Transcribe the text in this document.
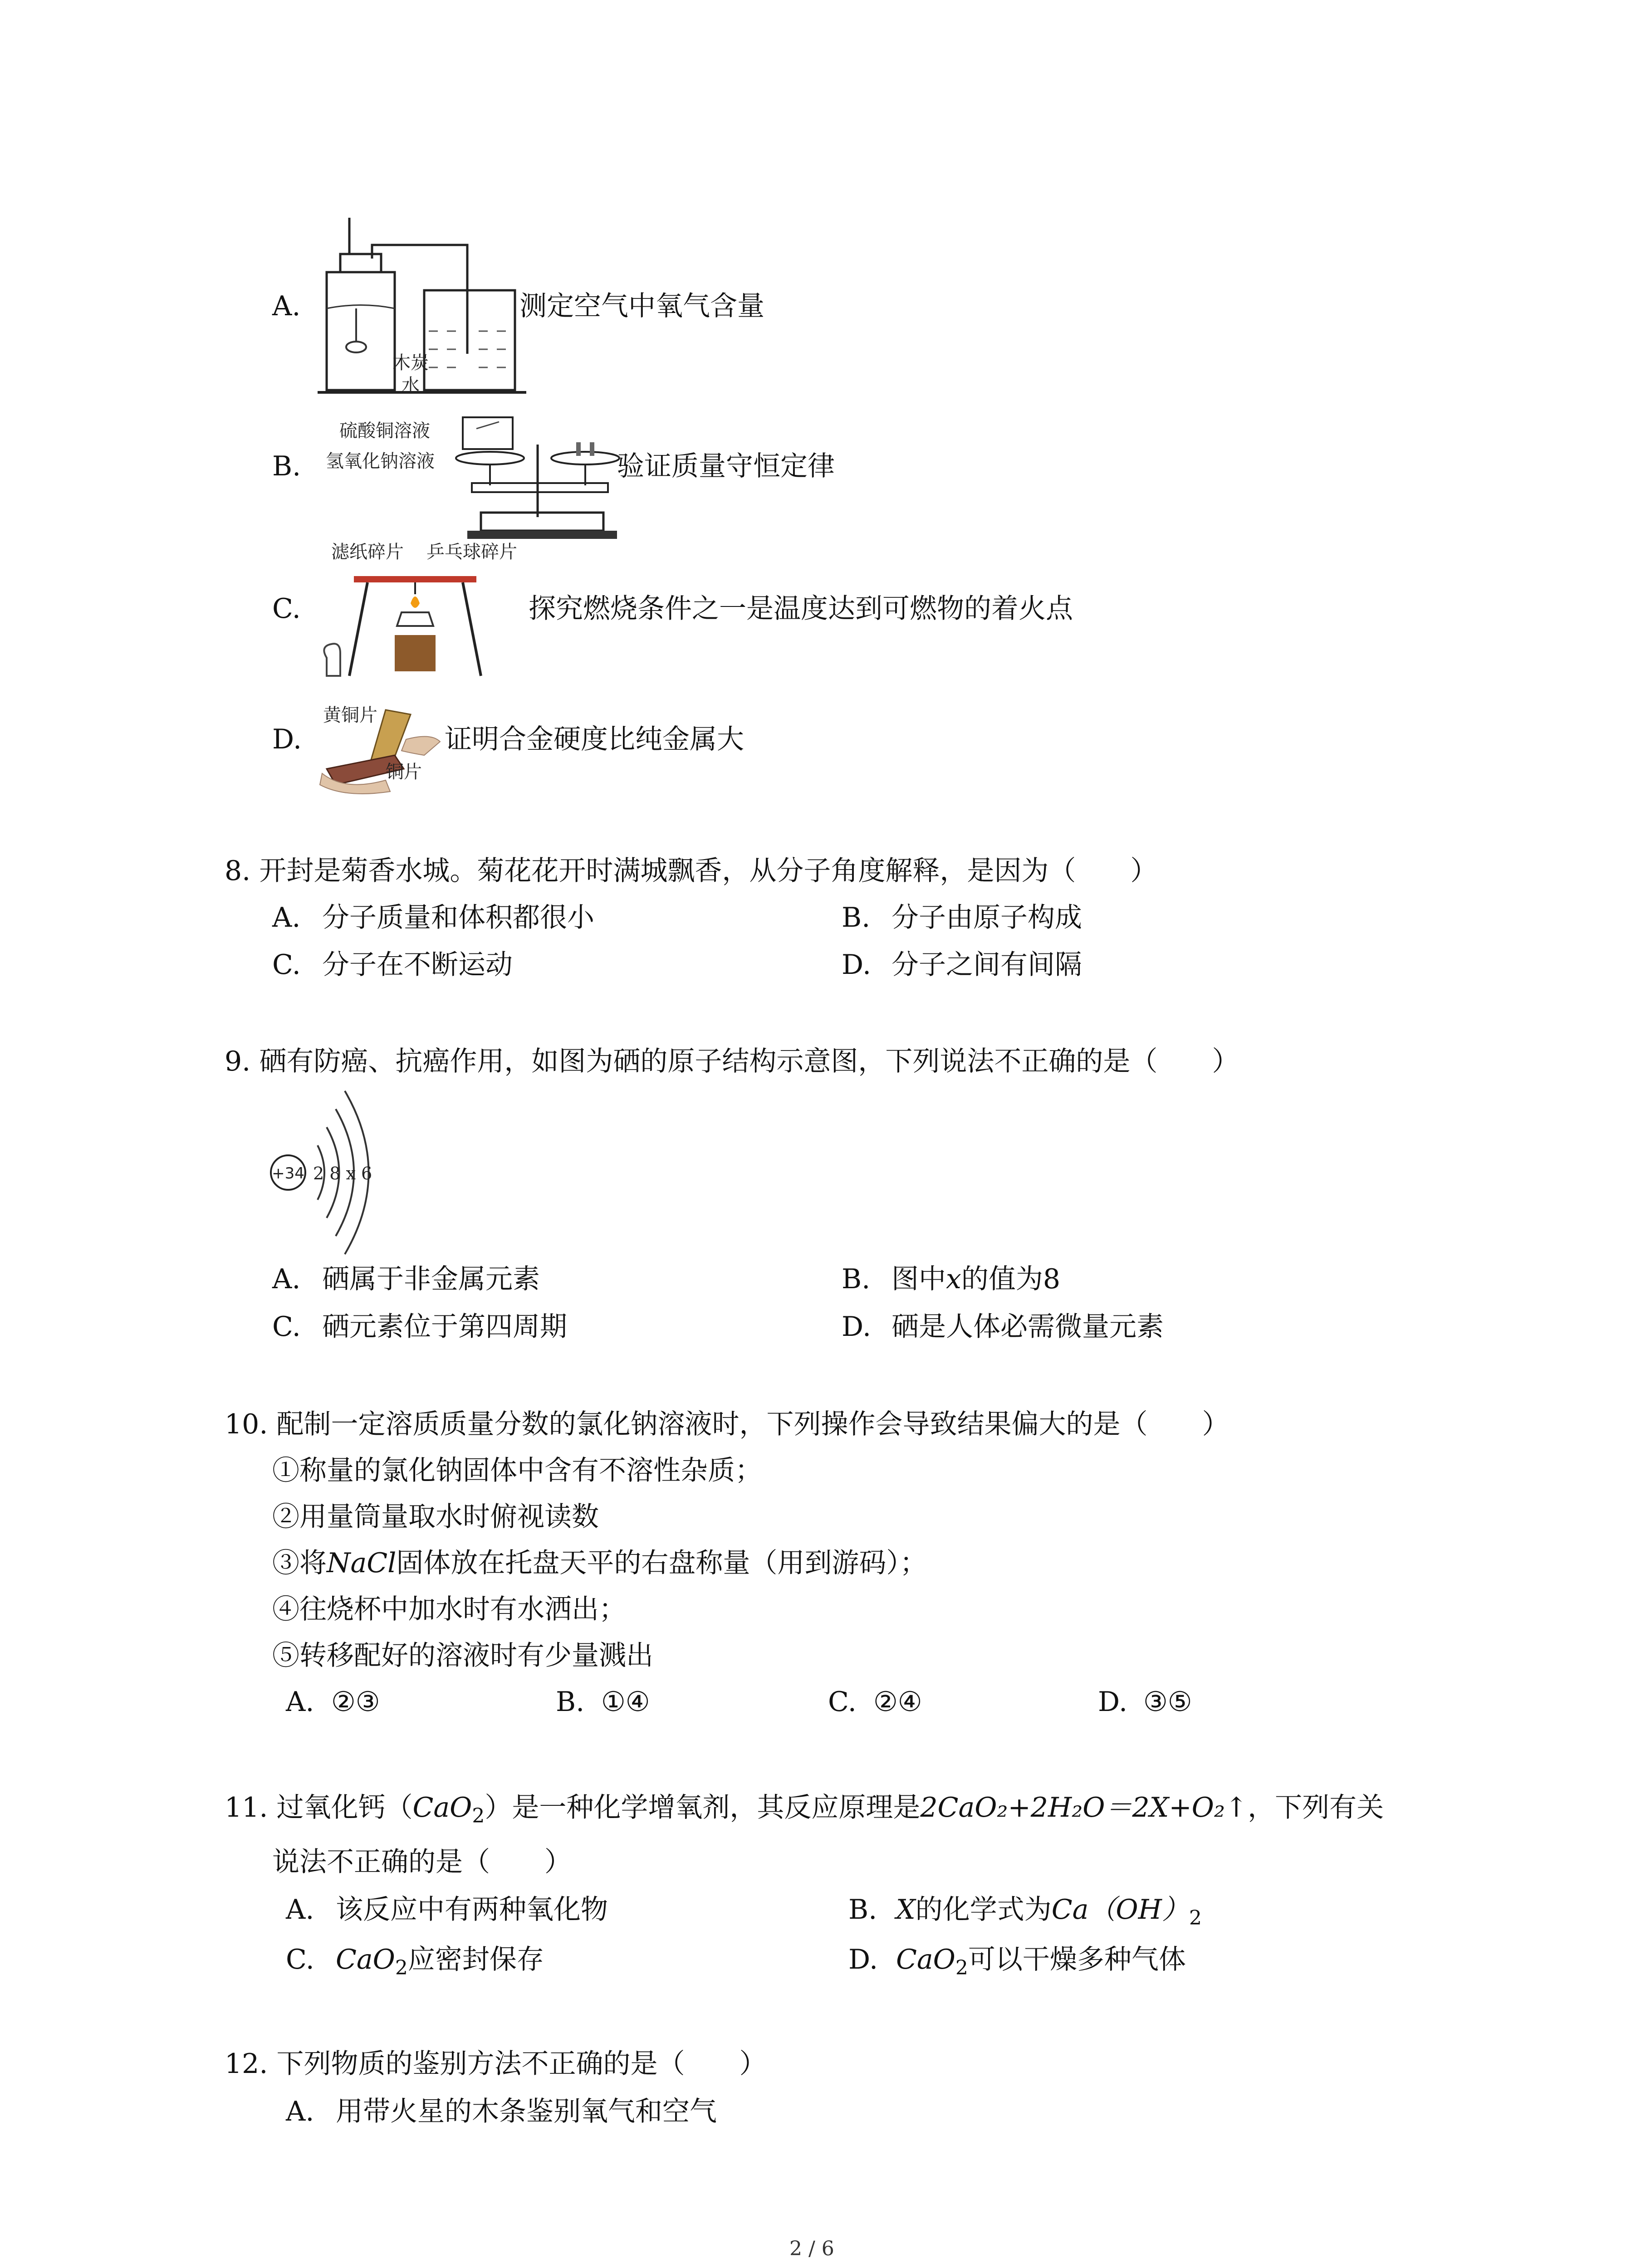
A.
木炭
水
测定空气中氧气含量
B.
硫酸铜溶液
氢氧化钠溶液	验证质量守恒定律
滤纸碎片 乒乓球碎片
C.	探究燃烧条件之一是温度达到可燃物的着火点
黄铜片
D.
铜片
证明合金硬度比纯金属大
8. 开封是菊香水城。菊花花开时满城飘香，从分子角度解释，是因为（　　）
A. 分子质量和体积都很小	B. 分子由原子构成
C. 分子在不断运动	D. 分子之间有间隔
9. 硒有防癌、抗癌作用，如图为硒的原子结构示意图，下列说法不正确的是（　　）
+34 2 8 x 6
A. 硒属于非金属元素	B. 图中x的值为8
C. 硒元素位于第四周期	D. 硒是人体必需微量元素
10. 配制一定溶质质量分数的氯化钠溶液时，下列操作会导致结果偏大的是（　　）
①称量的氯化钠固体中含有不溶性杂质；
②用量筒量取水时俯视读数
③将NaCl固体放在托盘天平的右盘称量（用到游码）；
④往烧杯中加水时有水洒出；
⑤转移配好的溶液时有少量溅出
A. ②③	B. ①④	C. ②④	D. ③⑤
11. 过氧化钙（CaO$_2$）是一种化学增氧剂，其反应原理是2CaO₂+2H₂O＝2X+O₂↑，下列有关
说法不正确的是（　　）
A. 该反应中有两种氧化物	B. X的化学式为$Ca(OH)_2$
C. CaO$_2$应密封保存	D. CaO$_2$可以干燥多种气体
12. 下列物质的鉴别方法不正确的是（　　）
A. 用带火星的木条鉴别氧气和空气
2 / 6
